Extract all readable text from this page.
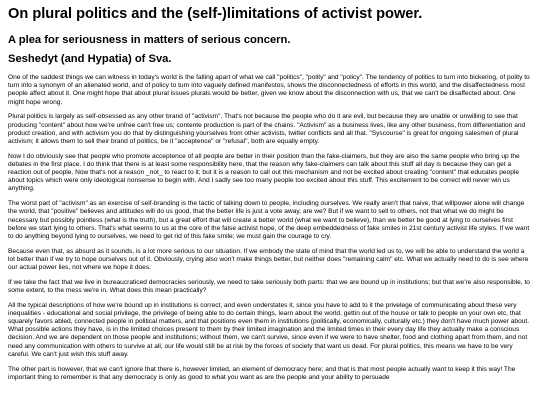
On plural politics and the (self-)limitations of activist power.
A plea for seriousness in matters of serious concern.
Seshedyt (and Hypatia) of Sva.

One of the saddest things we can witness in today's world is the falling apart of what we call "politics", "polity" and "policy". The tendency of politics to turn into bickering, of polity to turn into a synonym of an alienated world, and of policy to turn into vaguely defined manifestos, shows the disconnectedness of efforts in this world, and the disaffectedness most people affect about it. One might hope that about plural issues plurals would be better, given we know about the disconnection with us, that we can't be disaffected about. One might hope wrong.

Plural politics is largely as self-obsessed as any other brand of "activism". That's not because the people who do it are evil, but because they are unable or unwilling to see that producing "content" about how we're unfree can't free us; contente production is part of the chains. "Activism" as a business lives, like any other business, from differentiation and product creation, and with activism you do that by distinguishing yourselves from other activists, twitter conflicts and all that. "Syscourse" is great for ongoing salesmen of plural activism; it allows them to sell their brand of politics, be it "acceptence" or "refusal", both are equally empty.

Now I do obviously see that people who promote acceptence of all people are better in their position than the fake-claimers, but they are also the same people who bring up the debates in the first place. I do think that there is at least some responsibility here, that the reason why fake-claimers can talk about this stuff all day is because they can get a reaction out of people. Now that's not a reason _not_ to react to it; but it is a reason to call out this mechanism and not be excited about creating "content" that educates people about topics which were only ideological nonsense to begin with. And I sadly see too many people too excited about this stuff. This excitement to be correct will never win us anything.

The worst part of "activism" as an exercise of self-branding is the tactic of talking down to people, including ourselves. We really aren't that naive, that willpower alone will change the world, that "positive" believes and attitudes will do us good, that the better life is just a vote away, are we? But if we want to sell to others, not that what we do might be necessary but possibly pointless (what is the truth), but a great effort that will create a better world (what we want to believe), than we better be good at lying to ourselves first before we start lying to others. That's what seems to us at the core of the false activist hope, of the deep embeddedness of fake smiles in 21st century activist life styles. If we want to do anything beyond lying to ourselves, we need to get rid of this fake smile; we must gain the courage to cry.

Because even that, as absurd as it sounds, is a lot more serious to our situation. If we embody the state of mind that the world led us to, we will be able to understand the world a lot better than if we try to hope ourselves out of it. Obviously, crying also won't make things better, but neither does "remaining calm" etc. What we actually need to do is see where our actual power lies, not where we hope it does.

If we take the fact that we live in bureaucraticed democracies seriously, we need to take seriously both parts: that we are bound up in institutions; but that we're also responsible, to some extent, to the mess we're in. What does this mean practically?

All the typical descriptions of how we're bound up in institutions is correct, and even understates it, since you have to add to it the privelege of communicating about these very inequalities - educational and social privilege, the privilege of being able to do certain things, learn about the world, gettin out of the house or talk to people on your own etc, that squarely favors abled, connected people in political matters, and that positions even them in institutions (politically, economically, culturally etc.) they don't have much power about. What possible actions they have, is in the limited choices present to them by their limited imagination and the limited times in their every day life they actually make a conscious decision. And we are dependent on those people and institutions; without them, we can't survive, since even if we were to have shelter, food and clothing apart from them, and not need any communication with others to survive at all, our life would still be at risk by the forces of society that want us dead. For plural politics, this means we have to be very careful. We can't just wish this stuff away.

The other part is however, that we can't ignore that there is, however limited, an element of democracy here; and that is that most people actually want to keep it this way! The important thing to remember is that any democracy is only as good to what you want as are the people and your ability to persuade
